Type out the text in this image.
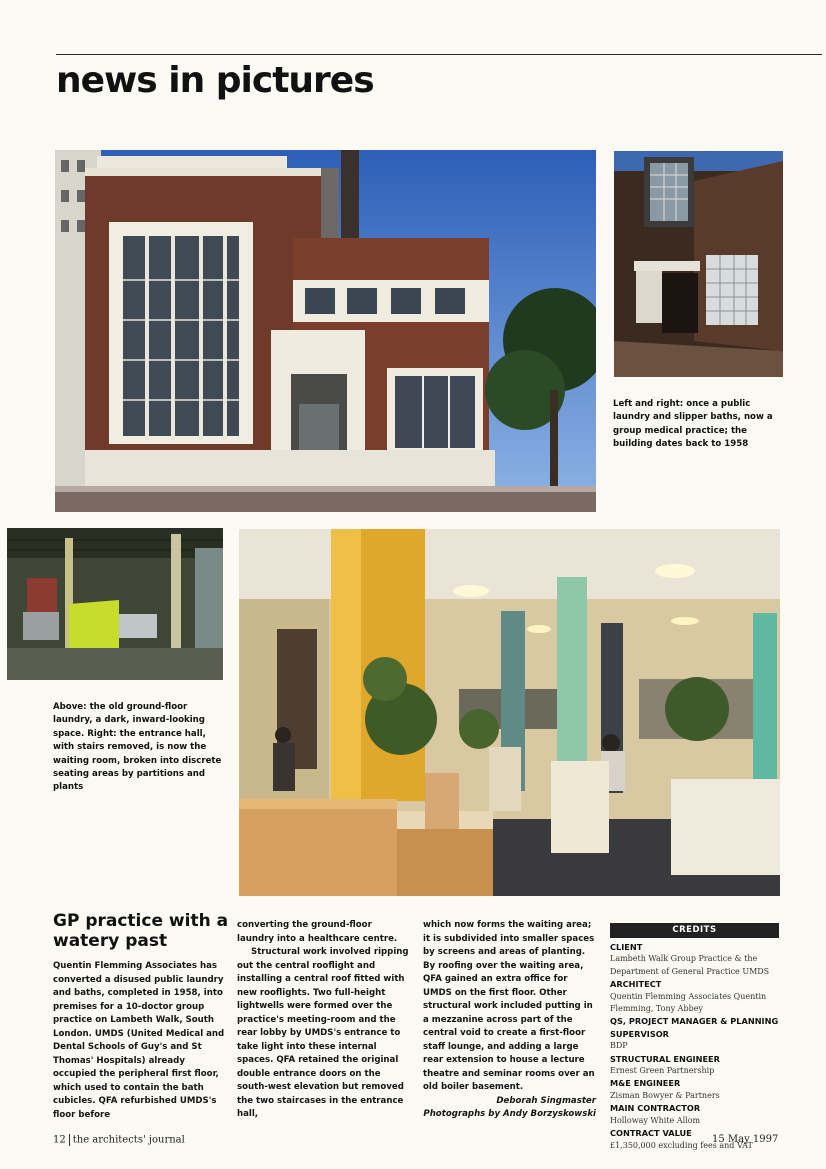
news in pictures
Left and right: once a public laundry and slipper baths, now a group medical practice; the building dates back to 1958
Above: the old ground-floor laundry, a dark, inward-looking space. Right: the entrance hall, with stairs removed, is now the waiting room, broken into discrete seating areas by partitions and plants
GP practice with a watery past

Quentin Flemming Associates has converted a disused public laundry and baths, completed in 1958, into premises for a 10-doctor group practice on Lambeth Walk, South London. UMDS (United Medical and Dental Schools of Guy's and St Thomas' Hospitals) already occupied the peripheral first floor, which used to contain the bath cubicles. QFA refurbished UMDS's floor before

converting the ground-floor laundry into a healthcare centre.

Structural work involved ripping out the central rooflight and installing a central roof fitted with new rooflights. Two full-height lightwells were formed over the practice's meeting-room and the rear lobby by UMDS's entrance to take light into these internal spaces. QFA retained the original double entrance doors on the south-west elevation but removed the two staircases in the entrance hall,

which now forms the waiting area; it is subdivided into smaller spaces by screens and areas of planting. By roofing over the waiting area, QFA gained an extra office for UMDS on the first floor. Other structural work included putting in a mezzanine across part of the central void to create a first-floor staff lounge, and adding a large rear extension to house a lecture theatre and seminar rooms over an old boiler basement.

Deborah Singmaster

Photographs by Andy Borzyskowski

CREDITS
CLIENT
Lambeth Walk Group Practice & the Department of General Practice UMDS
ARCHITECT
Quentin Flemming Associates Quentin Flemming, Tony Abbey
QS, PROJECT MANAGER & PLANNING SUPERVISOR
BDP
STRUCTURAL ENGINEER
Ernest Green Partnership
M&E ENGINEER
Zisman Bowyer & Partners
MAIN CONTRACTOR
Holloway White Allom
CONTRACT VALUE
£1,350,000 excluding fees and VAT
12 the architects' journal	15 May 1997
